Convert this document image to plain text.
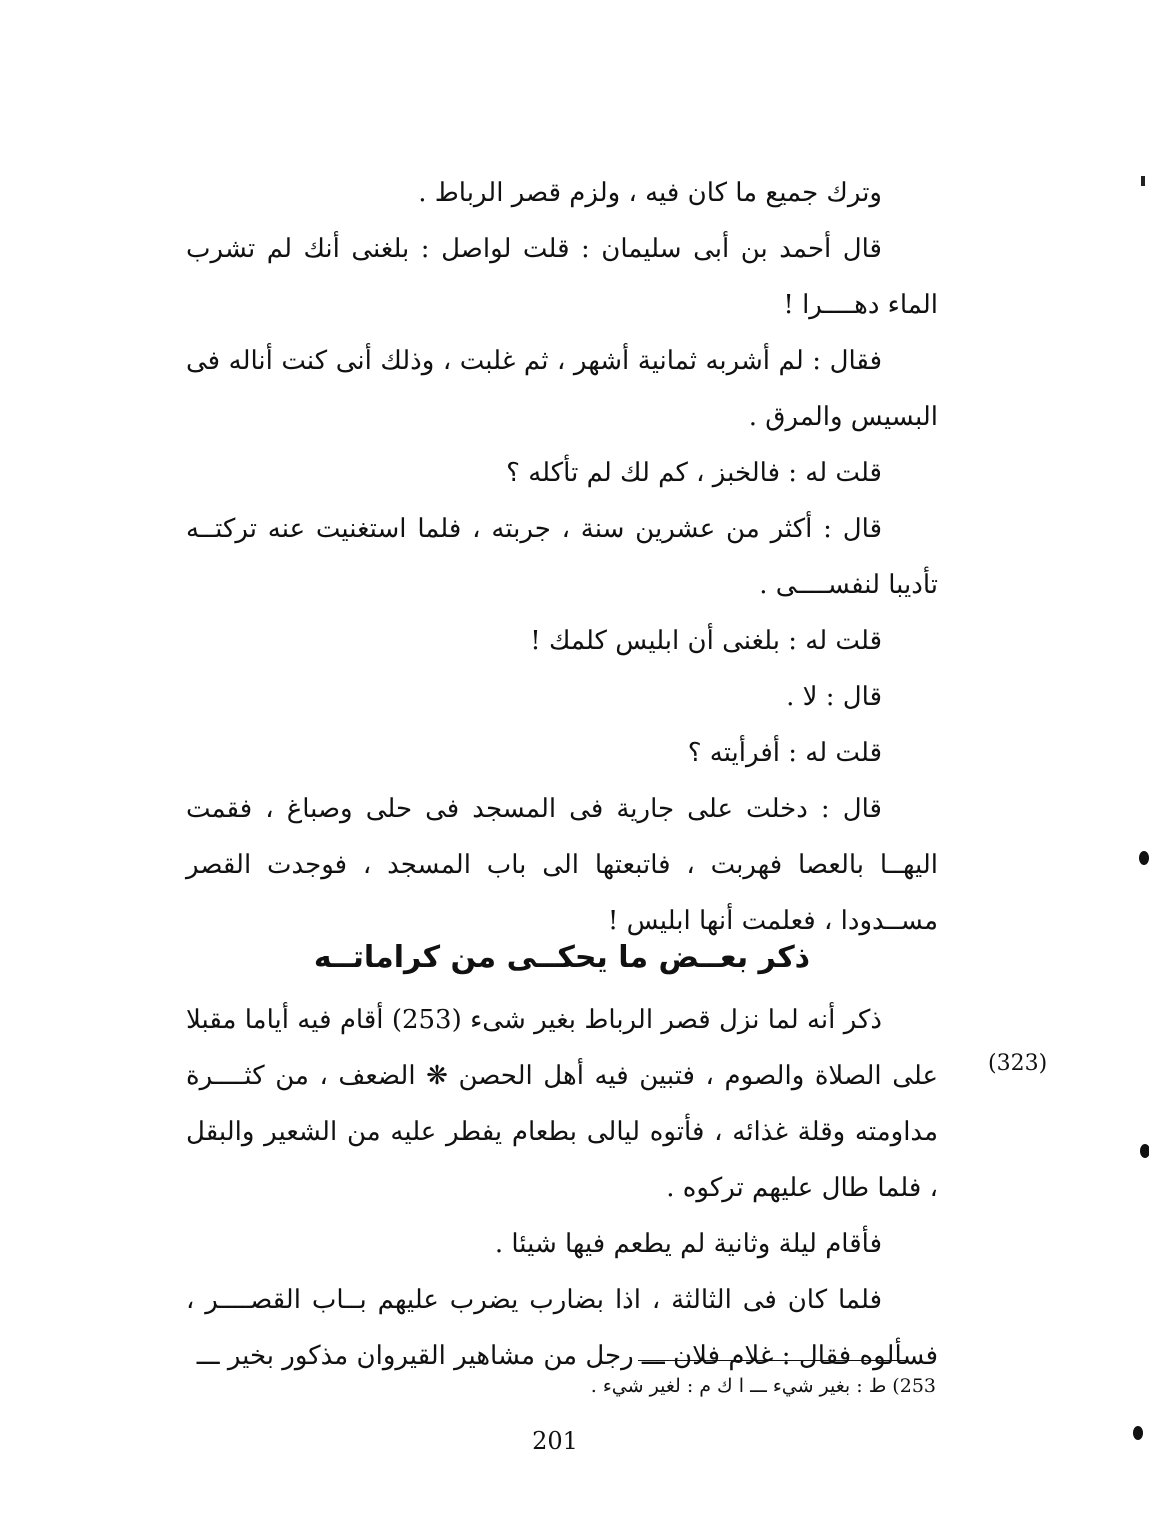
وترك جميع ما كان فيه ، ولزم قصر الرباط .

قال أحمد بن أبى سليمان : قلت لواصل : بلغنى أنك لم تشرب الماء دهــــرا !

فقال : لم أشربه ثمانية أشهر ، ثم غلبت ، وذلك أنى كنت أناله فى البسيس والمرق .

قلت له : فالخبز ، كم لك لم تأكله ؟

قال : أكثر من عشرين سنة ، جربته ، فلما استغنيت عنه تركتــه تأديبا لنفســــى .

قلت له : بلغنى أن ابليس كلمك !

قال : لا .

قلت له : أفرأيته ؟

قال : دخلت على جارية فى المسجد فى حلى وصباغ ، فقمت اليهــا بالعصا فهربت ، فاتبعتها الى باب المسجد ، فوجدت القصر مســدودا ، فعلمت أنها ابليس !

ذكر بعــض ما يحكــى من كراماتــه

ذكر أنه لما نزل قصر الرباط بغير شىء (253) أقام فيه أياما مقبلا على الصلاة والصوم ، فتبين فيه أهل الحصن ❋ الضعف ، من كثــــرة مداومته وقلة غذائه ، فأتوه ليالى بطعام يفطر عليه من الشعير والبقل ، فلما طال عليهم تركوه .

فأقام ليلة وثانية لم يطعم فيها شيئا .

فلما كان فى الثالثة ، اذا بضارب يضرب عليهم بــاب القصــــر ، فسألوه فقال : غلام فلان ـــ رجل من مشاهير القيروان مذكور بخير ـــ

(323)
253) ط : بغير شيء ـــ ا ك م : لغير شيء .
201
